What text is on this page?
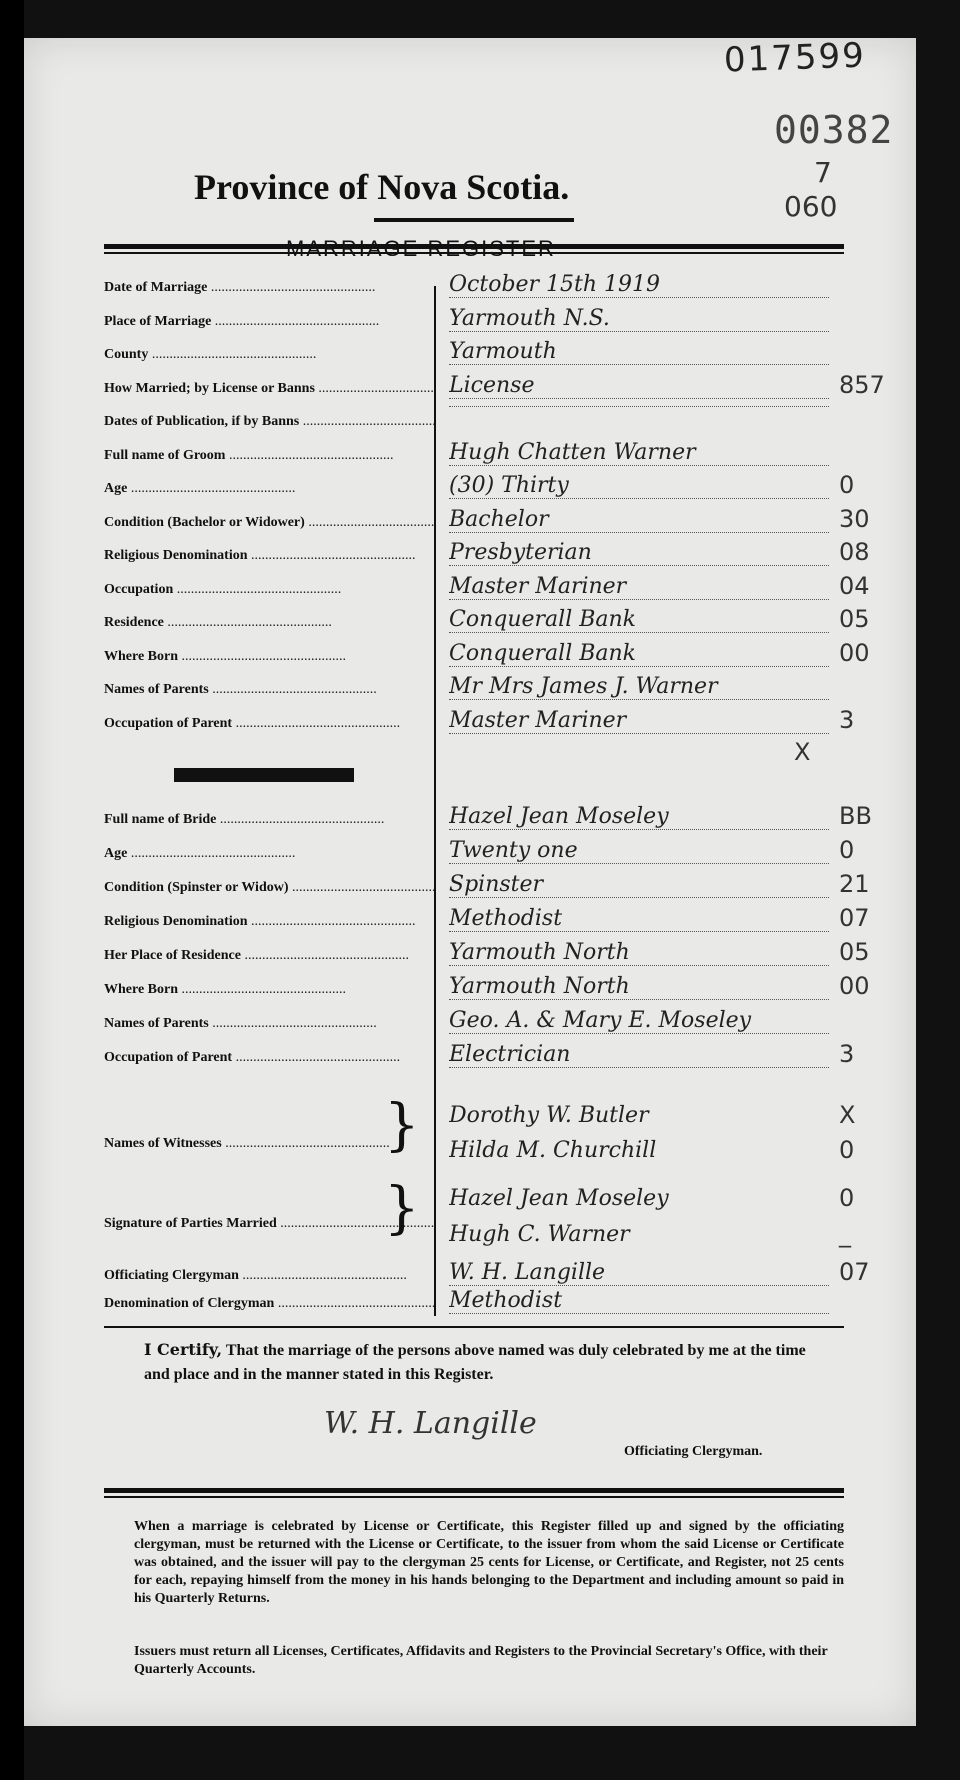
017599
00382
Province of Nova Scotia.	7
060
Date of Marriage .....	October 15th 1919
Place of Marriage .....	Yarmouth N.S.
County .....	Yarmouth
How Married; by License or Banns .....	License	857
Dates of Publication, if by Banns .....
Full name of Groom .....	Hugh Chatten Warner
Age .....	(30) Thirty	0
Condition (Bachelor or Widower) .....	Bachelor	30
Religious Denomination .....	Presbyterian	08
Occupation .....	Master Mariner	04
Residence .....	Conquerall Bank	05
Where Born .....	Conquerall Bank	00
Names of Parents .....	Mr Mrs James J. Warner
Occupation of Parent .....	Master Mariner	3
X
Full name of Bride .....	Hazel Jean Moseley	BB
Age .....	Twenty one	0
Condition (Spinster or Widow) .....	Spinster	21
Religious Denomination .....	Methodist	07
Her Place of Residence .....	Yarmouth North	05
Where Born .....	Yarmouth North	00
Names of Parents .....	Geo. A. & Mary E. Moseley
Occupation of Parent .....	Electrician	3
Names of Witnesses .....	} Dorothy W. Butler	X
Hilda M. Churchill	0
Signature of Parties Married .....	} Hazel Jean Moseley	0
Hugh C. Warner	_
Officiating Clergyman .....	W. H. Langille	07
Denomination of Clergyman .....	Methodist
I Certify, That the marriage of the persons above named was duly celebrated by me at the time and place and in the manner stated in this Register.
W. H. Langille
Officiating Clergyman.
When a marriage is celebrated by License or Certificate, this Register filled up and signed by the officiating clergyman, must be returned with the License or Certificate, to the issuer from whom the said License or Certificate was obtained, and the issuer will pay to the clergyman 25 cents for License, or Certificate, and Register, not 25 cents for each, repaying himself from the money in his hands belonging to the Department and including amount so paid in his Quarterly Returns.
Issuers must return all Licenses, Certificates, Affidavits and Registers to the Provincial Secretary's Office, with their Quarterly Accounts.
